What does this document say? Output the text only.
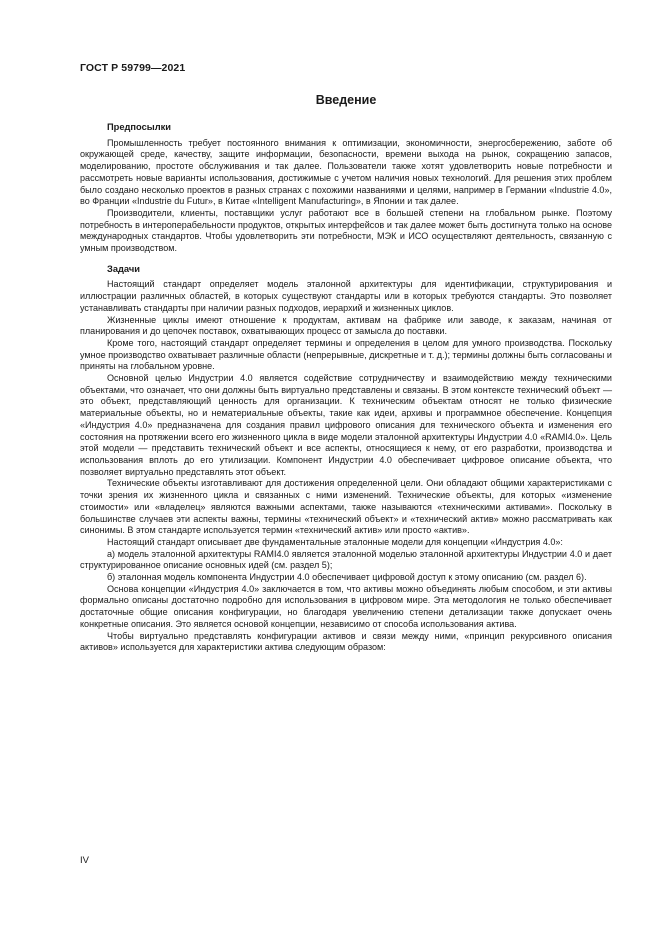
ГОСТ Р 59799—2021
Введение
Предпосылки

Промышленность требует постоянного внимания к оптимизации, экономичности, энергосбережению, заботе об окружающей среде, качеству, защите информации, безопасности, времени выхода на рынок, сокращению запасов, моделированию, простоте обслуживания и так далее. Пользователи также хотят удовлетворить новые потребности и рассмотреть новые варианты использования, достижимые с учетом наличия новых технологий. Для решения этих проблем было создано несколько проектов в разных странах с похожими названиями и целями, например в Германии «Industrie 4.0», во Франции «Industrie du Futur», в Китае «Intelligent Manufacturing», в Японии и так далее.

Производители, клиенты, поставщики услуг работают все в большей степени на глобальном рынке. Поэтому потребность в интероперабельности продуктов, открытых интерфейсов и так далее может быть достигнута только на основе международных стандартов. Чтобы удовлетворить эти потребности, МЭК и ИСО осуществляют деятельность, связанную с умным производством.

Задачи

Настоящий стандарт определяет модель эталонной архитектуры для идентификации, структурирования и иллюстрации различных областей, в которых существуют стандарты или в которых требуются стандарты. Это позволяет устанавливать стандарты при наличии разных подходов, иерархий и жизненных циклов.

Жизненные циклы имеют отношение к продуктам, активам на фабрике или заводе, к заказам, начиная от планирования и до цепочек поставок, охватывающих процесс от замысла до поставки.

Кроме того, настоящий стандарт определяет термины и определения в целом для умного производства. Поскольку умное производство охватывает различные области (непрерывные, дискретные и т. д.); термины должны быть согласованы и приняты на глобальном уровне.

Основной целью Индустрии 4.0 является содействие сотрудничеству и взаимодействию между техническими объектами, что означает, что они должны быть виртуально представлены и связаны. В этом контексте технический объект — это объект, представляющий ценность для организации. К техническим объектам относят не только физические материальные объекты, но и нематериальные объекты, такие как идеи, архивы и программное обеспечение. Концепция «Индустрия 4.0» предназначена для создания правил цифрового описания для технического объекта и изменения его состояния на протяжении всего его жизненного цикла в виде модели эталонной архитектуры Индустрии 4.0 «RAMI4.0». Цель этой модели — представить технический объект и все аспекты, относящиеся к нему, от его разработки, производства и использования вплоть до его утилизации. Компонент Индустрии 4.0 обеспечивает цифровое описание объекта, что позволяет виртуально представлять этот объект.

Технические объекты изготавливают для достижения определенной цели. Они обладают общими характеристиками с точки зрения их жизненного цикла и связанных с ними изменений. Технические объекты, для которых «изменение стоимости» или «владелец» являются важными аспектами, также называются «техническими активами». Поскольку в большинстве случаев эти аспекты важны, термины «технический объект» и «технический актив» можно рассматривать как синонимы. В этом стандарте используется термин «технический актив» или просто «актив».

Настоящий стандарт описывает две фундаментальные эталонные модели для концепции «Индустрия 4.0»:

а) модель эталонной архитектуры RAMI4.0 является эталонной моделью эталонной архитектуры Индустрии 4.0 и дает структурированное описание основных идей (см. раздел 5);

б) эталонная модель компонента Индустрии 4.0 обеспечивает цифровой доступ к этому описанию (см. раздел 6).

Основа концепции «Индустрия 4.0» заключается в том, что активы можно объединять любым способом, и эти активы формально описаны достаточно подробно для использования в цифровом мире. Эта методология не только обеспечивает достаточные общие описания конфигурации, но благодаря увеличению степени детализации также допускает очень конкретные описания. Это является основой концепции, независимо от способа использования актива.

Чтобы виртуально представлять конфигурации активов и связи между ними, «принцип рекурсивного описания активов» используется для характеристики актива следующим образом:

IV
